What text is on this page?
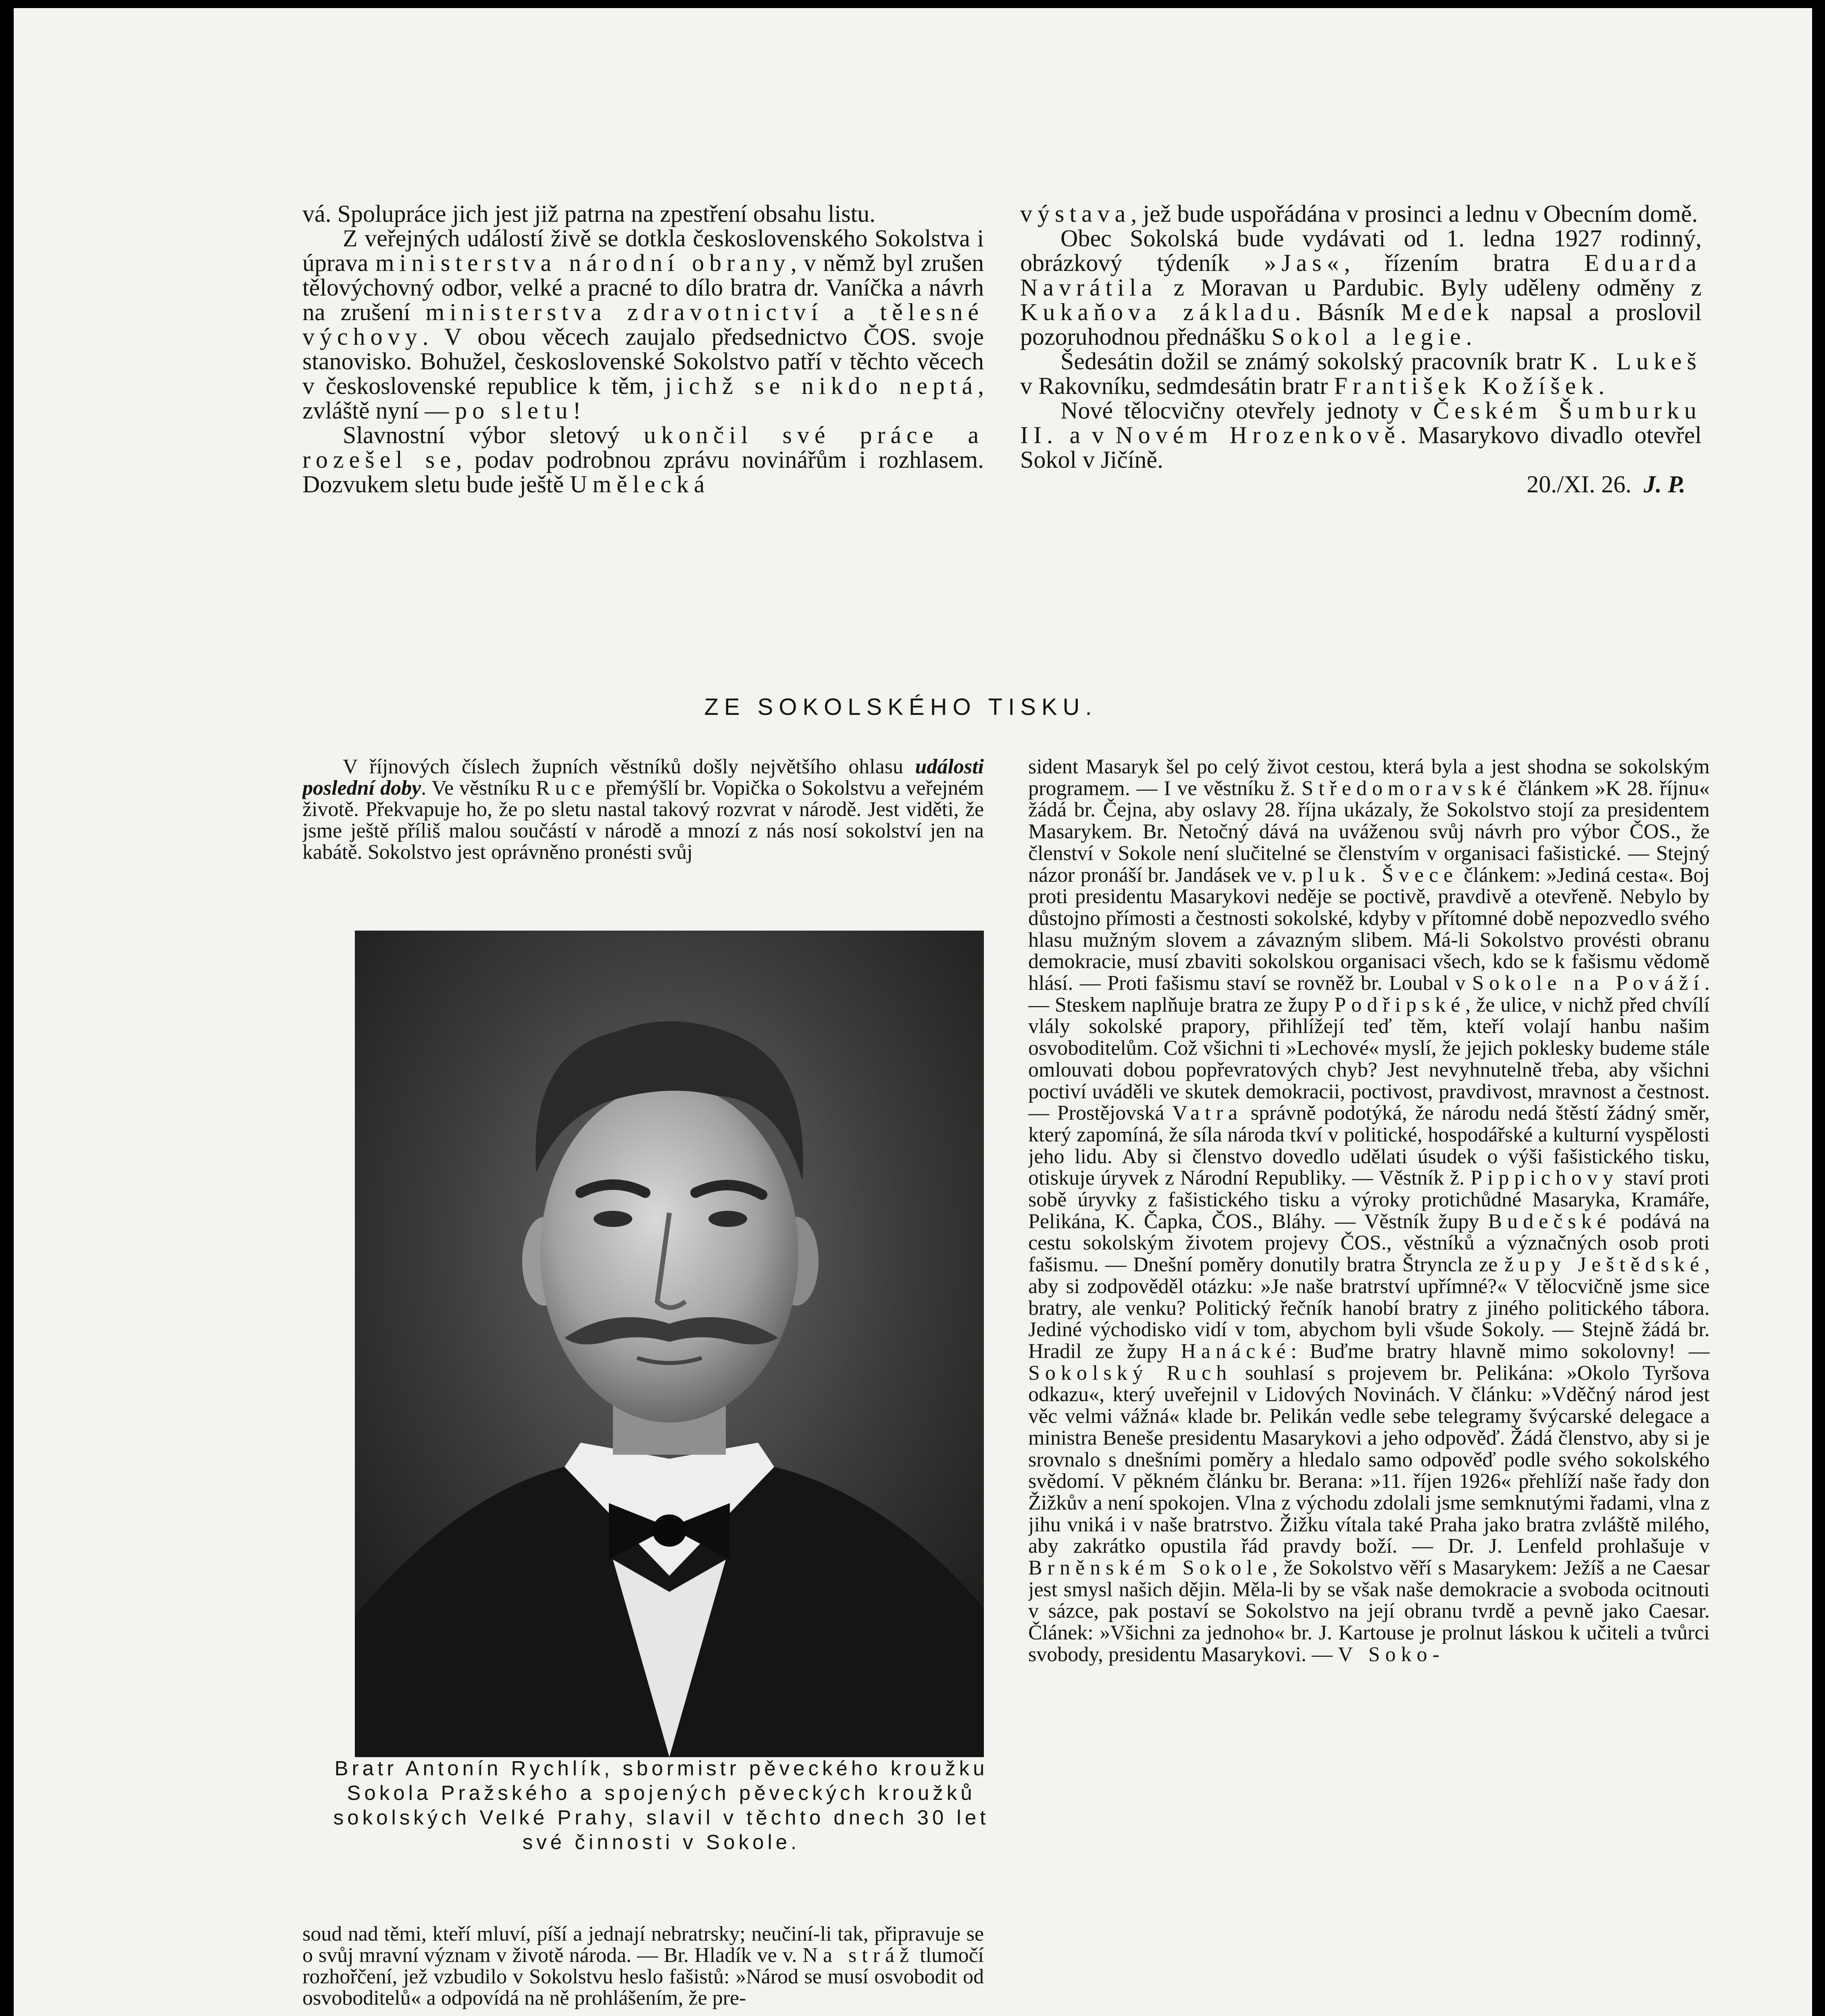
vá. Spolupráce jich jest již patrna na zpestření obsahu listu.

Z veřejných událostí živě se dotkla československého Sokolstva i úprava ministerstva národní obrany, v němž byl zrušen tělovýchovný odbor, velké a pracné to dílo bratra dr. Vaníčka a návrh na zrušení ministerstva zdravotnictví a tělesné výchovy. V obou věcech zaujalo předsednictvo ČOS. svoje stanovisko. Bohužel, československé Sokolstvo patří v těchto věcech v československé republice k těm, jichž se nikdo neptá, zvláště nyní — po sletu!

Slavnostní výbor sletový ukončil své práce a rozešel se, podav podrobnou zprávu novinářům i rozhlasem. Dozvukem sletu bude ještě Umělecká

výstava, jež bude uspořádána v prosinci a lednu v Obecním domě.

Obec Sokolská bude vydávati od 1. ledna 1927 rodinný, obrázkový týdeník »Jas«, řízením bratra Eduarda Navrátila z Moravan u Pardubic. Byly uděleny odměny z Kukaňova základu. Básník Medek napsal a proslovil pozoruhodnou přednášku Sokol a legie.

Šedesátin dožil se známý sokolský pracovník bratr K. Lukeš v Rakovníku, sedmdesátin bratr František Kožíšek.

Nové tělocvičny otevřely jednoty v Českém Šumburku II. a v Novém Hrozenkově. Masarykovo divadlo otevřel Sokol v Jičíně.

20./XI. 26. J. P.

ZE SOKOLSKÉHO TISKU.

V říjnových číslech župních věstníků došly největšího ohlasu události poslední doby. Ve věstníku Ruce přemýšlí br. Vopička o Sokolstvu a veřejném životě. Překvapuje ho, že po sletu nastal takový rozvrat v národě. Jest viděti, že jsme ještě příliš malou součástí v národě a mnozí z nás nosí sokolství jen na kabátě. Sokolstvo jest oprávněno pronésti svůj

Bratr Antonín Rychlík, sbormistr pěveckého kroužku Sokola Pražského a spojených pěveckých kroužků sokolských Velké Prahy, slavil v těchto dnech 30 let své činnosti v Sokole.

soud nad těmi, kteří mluví, píší a jednají nebratrsky; neučiní-li tak, připravuje se o svůj mravní význam v životě národa. — Br. Hladík ve v. Na stráž tlumočí rozhořčení, jež vzbudilo v Sokolstvu heslo fašistů: »Národ se musí osvobodit od osvoboditelů« a odpovídá na ně prohlášením, že pre-

sident Masaryk šel po celý život cestou, která byla a jest shodna se sokolským programem. — I ve věstníku ž. Středomoravské článkem »K 28. říjnu« žádá br. Čejna, aby oslavy 28. října ukázaly, že Sokolstvo stojí za presidentem Masarykem. Br. Netočný dává na uváženou svůj návrh pro výbor ČOS., že členství v Sokole není slučitelné se členstvím v organisaci fašistické. — Stejný názor pronáší br. Jandásek ve v. pluk. Švece článkem: »Jediná cesta«. Boj proti presidentu Masarykovi neděje se poctivě, pravdivě a otevřeně. Nebylo by důstojno přímosti a čestnosti sokolské, kdyby v přítomné době nepozvedlo svého hlasu mužným slovem a závazným slibem. Má-li Sokolstvo provésti obranu demokracie, musí zbaviti sokolskou organisaci všech, kdo se k fašismu vědomě hlásí. — Proti fašismu staví se rovněž br. Loubal v Sokole na Pováží. — Steskem naplňuje bratra ze župy Podřipské, že ulice, v nichž před chvílí vlály sokolské prapory, přihlížejí teď těm, kteří volají hanbu našim osvoboditelům. Což všichni ti »Lechové« myslí, že jejich poklesky budeme stále omlouvati dobou popřevratových chyb? Jest nevyhnutelně třeba, aby všichni poctiví uváděli ve skutek demokracii, poctivost, pravdivost, mravnost a čestnost. — Prostějovská Vatra správně podotýká, že národu nedá štěstí žádný směr, který zapomíná, že síla národa tkví v politické, hospodářské a kulturní vyspělosti jeho lidu. Aby si členstvo dovedlo udělati úsudek o výši fašistického tisku, otiskuje úryvek z Národní Republiky. — Věstník ž. Pippichovy staví proti sobě úryvky z fašistického tisku a výroky protichůdné Masaryka, Kramáře, Pelikána, K. Čapka, ČOS., Bláhy. — Věstník župy Budečské podává na cestu sokolským životem projevy ČOS., věstníků a význačných osob proti fašismu. — Dnešní poměry donutily bratra Štryncla ze župy Ještědské, aby si zodpověděl otázku: »Je naše bratrství upřímné?« V tělocvičně jsme sice bratry, ale venku? Politický řečník hanobí bratry z jiného politického tábora. Jediné východisko vidí v tom, abychom byli všude Sokoly. — Stejně žádá br. Hradil ze župy Hanácké: Buďme bratry hlavně mimo sokolovny! — Sokolský Ruch souhlasí s projevem br. Pelikána: »Okolo Tyršova odkazu«, který uveřejnil v Lidových Novinách. V článku: »Vděčný národ jest věc velmi vážná« klade br. Pelikán vedle sebe telegramy švýcarské delegace a ministra Beneše presidentu Masarykovi a jeho odpověď. Žádá členstvo, aby si je srovnalo s dnešními poměry a hledalo samo odpověď podle svého sokolského svědomí. V pěkném článku br. Berana: »11. říjen 1926« přehlíží naše řady don Žižkův a není spokojen. Vlna z východu zdolali jsme semknutými řadami, vlna z jihu vniká i v naše bratrstvo. Žižku vítala také Praha jako bratra zvláště milého, aby zakrátko opustila řád pravdy boží. — Dr. J. Lenfeld prohlašuje v Brněnském Sokole, že Sokolstvo věří s Masarykem: Ježíš a ne Caesar jest smysl našich dějin. Měla-li by se však naše demokracie a svoboda ocitnouti v sázce, pak postaví se Sokolstvo na její obranu tvrdě a pevně jako Caesar. Článek: »Všichni za jednoho« br. J. Kartouse je prolnut láskou k učiteli a tvůrci svobody, presidentu Masarykovi. — V Soko-
